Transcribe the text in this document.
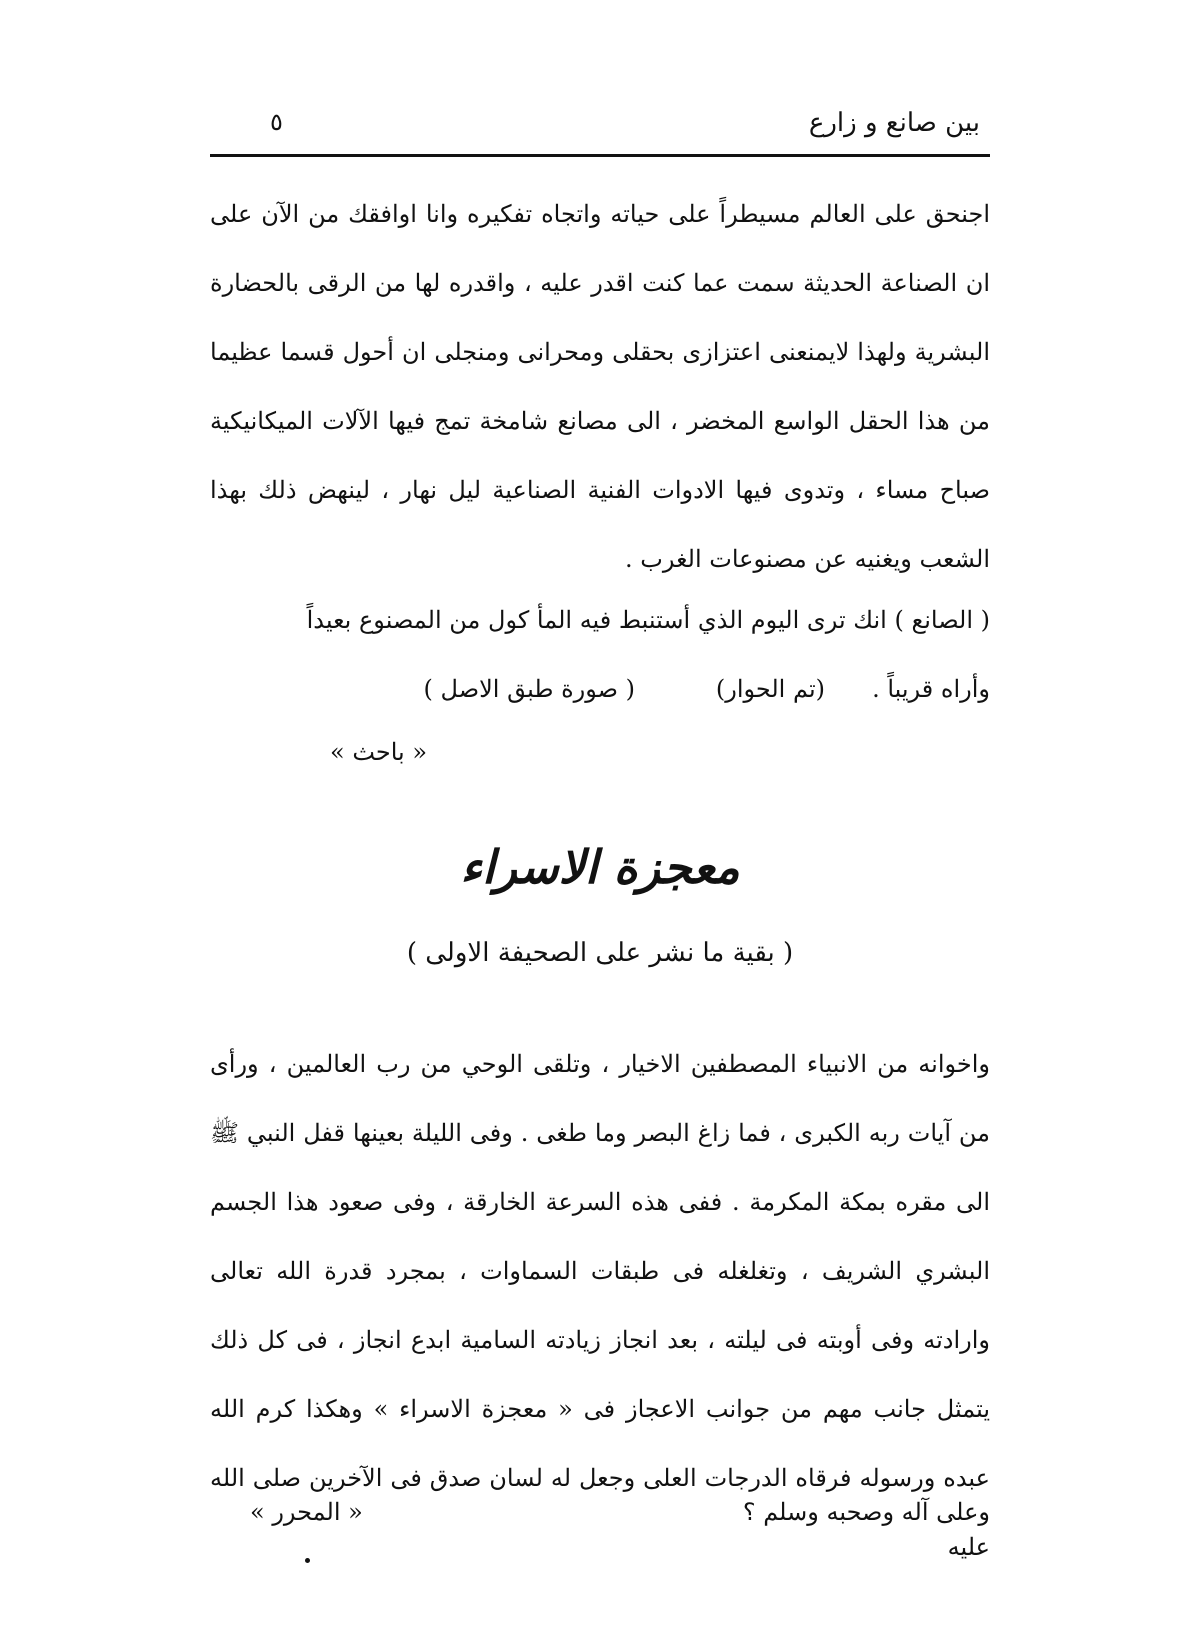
بين صانع و زارع
٥
اجنحق على العالم مسيطراً على حياته واتجاه تفكيره وانا اوافقك من الآن على ان الصناعة الحديثة سمت عما كنت اقدر عليه ، واقدره لها من الرقى بالحضارة البشرية ولهذا لايمنعنى اعتزازى بحقلى ومحرانى ومنجلى ان أحول قسما عظيما من هذا الحقل الواسع المخضر ، الى مصانع شامخة تمج فيها الآلات الميكانيكية صباح مساء ، وتدوى فيها الادوات الفنية الصناعية ليل نهار ، لينهض ذلك بهذا الشعب ويغنيه عن مصنوعات الغرب .
( الصانع ) انك ترى اليوم الذي أستنبط فيه المأ كول من المصنوع بعيداً
وأراه قريباً .
(تم الحوار)
( صورة طبق الاصل )
« باحث »
معجزة الاسراء
( بقية ما نشر على الصحيفة الاولى )
واخوانه من الانبياء المصطفين الاخيار ، وتلقى الوحي من رب العالمين ، ورأى من آيات ربه الكبرى ، فما زاغ البصر وما طغى . وفى الليلة بعينها قفل النبي ﷺ الى مقره بمكة المكرمة . ففى هذه السرعة الخارقة ، وفى صعود هذا الجسم البشري الشريف ، وتغلغله فى طبقات السماوات ، بمجرد قدرة الله تعالى وارادته وفى أوبته فى ليلته ، بعد انجاز زيادته السامية ابدع انجاز ، فى كل ذلك يتمثل جانب مهم من جوانب الاعجاز فى « معجزة الاسراء » وهكذا كرم الله عبده ورسوله فرقاه الدرجات العلى وجعل له لسان صدق فى الآخرين صلى الله عليه
وعلى آله وصحبه وسلم ؟
« المحرر »
